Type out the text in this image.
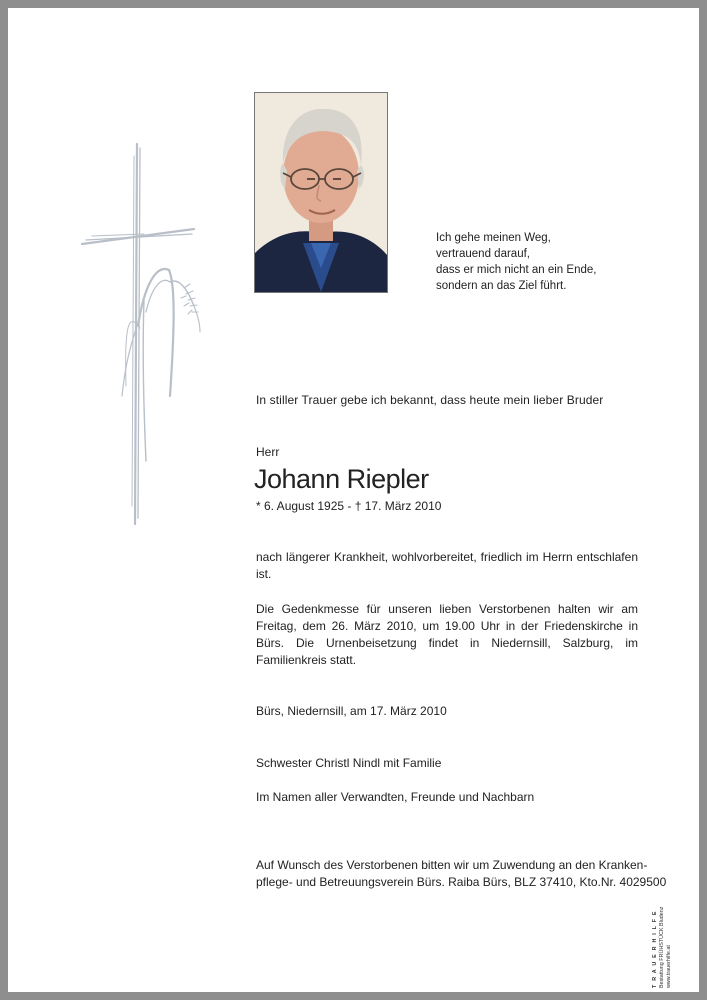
Ich gehe meinen Weg,
vertrauend darauf,
dass er mich nicht an ein Ende,
sondern an das Ziel führt.
In stiller Trauer gebe ich bekannt, dass heute mein lieber Bruder
Herr
Johann Riepler
* 6. August 1925 - † 17. März 2010
nach längerer Krankheit, wohlvorbereitet, friedlich im Herrn entschlafen ist.
Die Gedenkmesse für unseren lieben Verstorbenen halten wir am Freitag, dem 26. März 2010, um 19.00 Uhr in der Friedenskirche in Bürs. Die Urnenbeisetzung findet in Niedernsill, Salzburg, im Familienkreis statt.
Bürs, Niedernsill, am 17. März 2010
Schwester Christl Nindl mit Familie
Im Namen aller Verwandten, Freunde und Nachbarn
Auf Wunsch des Verstorbenen bitten wir um Zuwendung an den Kranken-
pflege- und Betreuungsverein Bürs. Raiba Bürs, BLZ 37410, Kto.Nr. 4029500
T R A U E R H I L F E Bestattung FRÜHSTÜCK Bludenz www.trauerhilfe.at
